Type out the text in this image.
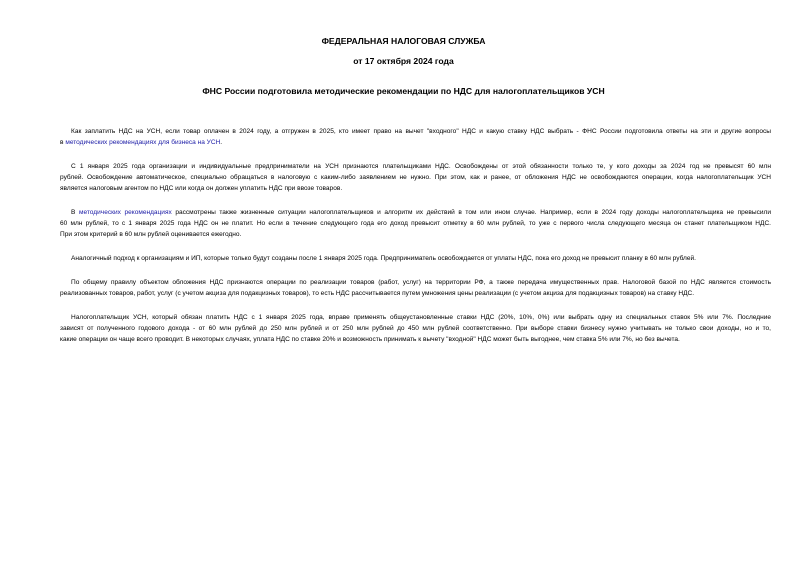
ФЕДЕРАЛЬНАЯ НАЛОГОВАЯ СЛУЖБА
от 17 октября 2024 года
ФНС России подготовила методические рекомендации по НДС для налогоплательщиков УСН
Как заплатить НДС на УСН, если товар оплачен в 2024 году, а отгружен в 2025, кто имеет право на вычет "входного" НДС и какую ставку НДС выбрать - ФНС России подготовила ответы на эти и другие вопросы
в методических рекомендациях для бизнеса на УСН.
С 1 января 2025 года организации и индивидуальные предприниматели на УСН признаются плательщиками НДС. Освобождены от этой обязанности только те, у кого доходы за 2024 год не превысят 60 млн
рублей. Освобождение автоматическое, специально обращаться в налоговую с каким-либо заявлением не нужно. При этом, как и ранее, от обложения НДС не освобождаются операции, когда налогоплательщик УСН
является налоговым агентом по НДС или когда он должен уплатить НДС при ввозе товаров.
В методических рекомендациях рассмотрены также жизненные ситуации налогоплательщиков и алгоритм их действий в том или ином случае. Например, если в 2024 году доходы налогоплательщика не превысили
60 млн рублей, то с 1 января 2025 года НДС он не платит. Но если в течение следующего года его доход превысит отметку в 60 млн рублей, то уже с первого числа следующего месяца он станет плательщиком НДС.
При этом критерий в 60 млн рублей оценивается ежегодно.
Аналогичный подход к организациям и ИП, которые только будут созданы после 1 января 2025 года. Предприниматель освобождается от уплаты НДС, пока его доход не превысит планку в 60 млн рублей.
По общему правилу объектом обложения НДС признаются операции по реализации товаров (работ, услуг) на территории РФ, а также передача имущественных прав. Налоговой базой по НДС является стоимость
реализованных товаров, работ, услуг (с учетом акциза для подакцизных товаров), то есть НДС рассчитывается путем умножения цены реализации (с учетом акциза для подакцизных товаров) на ставку НДС.
Налогоплательщик УСН, который обязан платить НДС с 1 января 2025 года, вправе применять общеустановленные ставки НДС (20%, 10%, 0%) или выбрать одну из специальных ставок 5% или 7%. Последние
зависят от полученного годового дохода - от 60 млн рублей до 250 млн рублей и от 250 млн рублей до 450 млн рублей соответственно. При выборе ставки бизнесу нужно учитывать не только свои доходы, но и то,
какие операции он чаще всего проводит. В некоторых случаях, уплата НДС по ставке 20% и возможность принимать к вычету "входной" НДС может быть выгоднее, чем ставка 5% или 7%, но без вычета.
